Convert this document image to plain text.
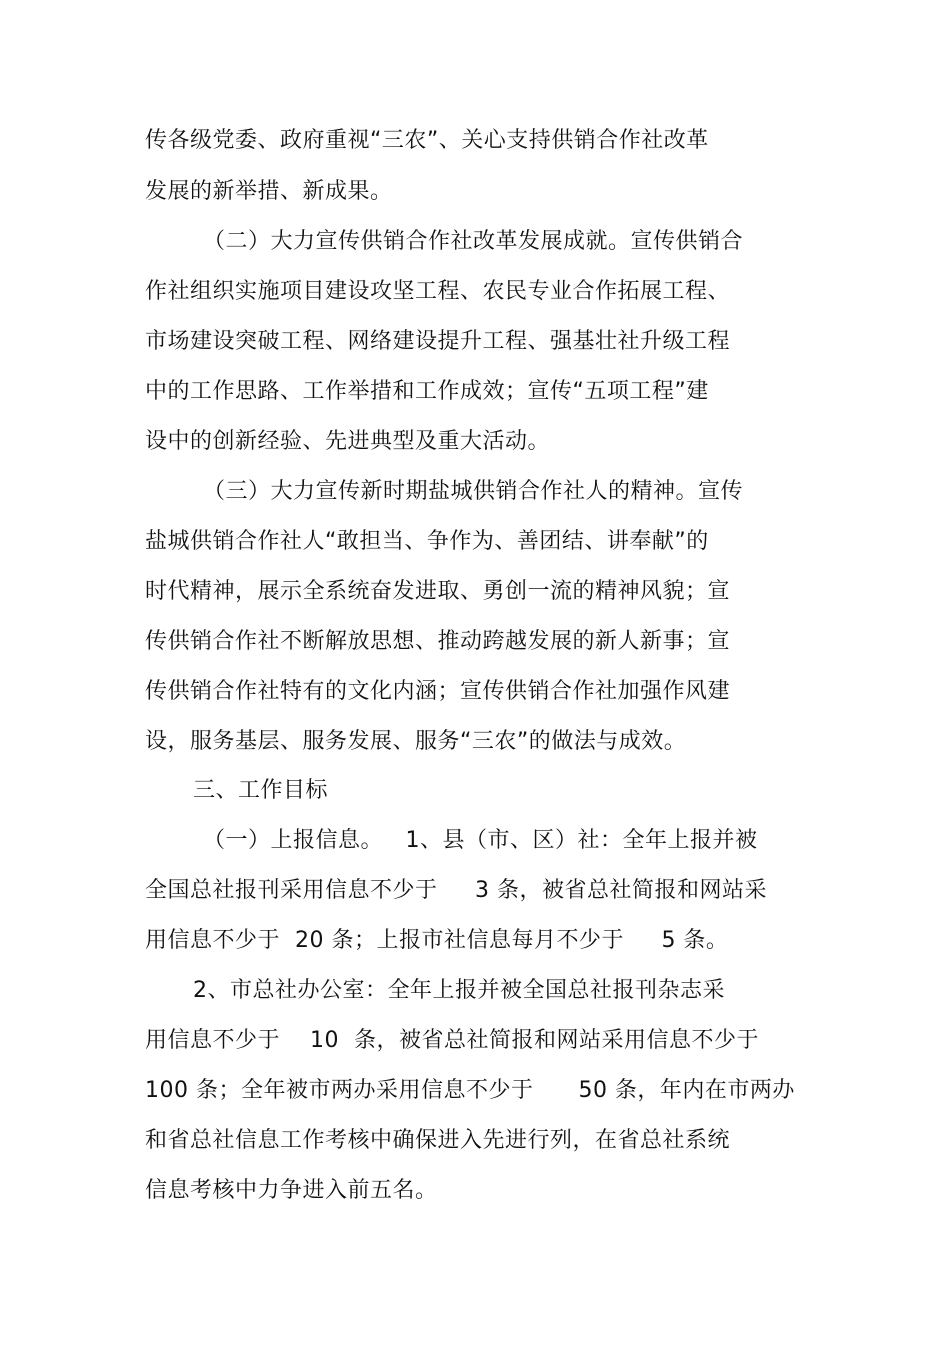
传各级党委、政府重视“三农”、关心支持供销合作社改革
发展的新举措、新成果。
（二）大力宣传供销合作社改革发展成就。宣传供销合
作社组织实施项目建设攻坚工程、农民专业合作拓展工程、
市场建设突破工程、网络建设提升工程、强基壮社升级工程
中的工作思路、工作举措和工作成效；宣传“五项工程”建
设中的创新经验、先进典型及重大活动。
（三）大力宣传新时期盐城供销合作社人的精神。宣传
盐城供销合作社人“敢担当、争作为、善团结、讲奉献”的
时代精神，展示全系统奋发进取、勇创一流的精神风貌；宣
传供销合作社不断解放思想、推动跨越发展的新人新事；宣
传供销合作社特有的文化内涵；宣传供销合作社加强作风建
设，服务基层、服务发展、服务“三农”的做法与成效。
三、工作目标
（一）上报信息。   1、县（市、区）社：全年上报并被
全国总社报刊采用信息不少于     3 条，被省总社简报和网站采
用信息不少于  20 条；上报市社信息每月不少于     5 条。
2、市总社办公室：全年上报并被全国总社报刊杂志采
用信息不少于    10  条，被省总社简报和网站采用信息不少于
100 条；全年被市两办采用信息不少于      50 条，年内在市两办
和省总社信息工作考核中确保进入先进行列，在省总社系统
信息考核中力争进入前五名。
